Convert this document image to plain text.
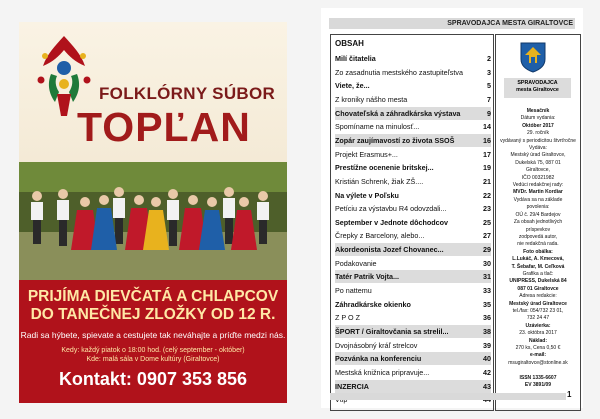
FOLKLÓRNY SÚBOR
TOPĽAN
PRIJÍMA DIEVČATÁ A CHLAPCOV
DO TANEČNEJ ZLOŽKY OD 12 R.
Radi sa hýbete, spievate a cestujete tak neváhajte a príďte medzi nás.
Kedy: každý piatok o 18:00 hod. (celý september - október)
Kde: malá sála v Dome kultúry (Giraltovce)
Kontakt: 0907 353 856
SPRAVODAJCA MESTA GIRALTOVCE
OBSAH
Milí čitatelia	2
Zo zasadnutia mestského zastupiteľstva	3
Viete, že...	5
Z kroniky nášho mesta	7
Chovateľská a záhradkárska výstava	9
Spomíname na minulosť...	14
Zopár zaujímavostí zo života SSOŠ	16
Projekt Erasmus+...	17
Prestížne ocenenie britskej...	19
Kristián Schrenk, žiak ZŠ....	21
Na výlete v Poľsku	22
Petíciu za výstavbu R4 odovzdali...	23
September v Jednote dôchodcov	25
Črepky z Barcelony, alebo...	27
Akordeonista Jozef Chovanec...	29
Podakovanie	30
Tatér Patrik Vojta...	31
Po nattemu	33
Záhradkárske okienko	35
Z P O Z	36
ŠPORT / Giraltovčania sa strelil...	38
Dvojnásobný kráľ strelcov	39
Pozvánka na konferenciu	40
Mestská knižnica pripravuje...	42
INZERCIA	43
SPRAVODAJCA
mesta Giraltovce
Mesačník
Dátum vydania:
Október 2017
29. ročník
vydávaný s periodicitou štvrťročne
Vydáva:
Mestský úrad Giraltovce,
Dukelská 75, 087 01
Giraltovce,
IČO 00321982
Vedúci redakčnej rady:
MVDr. Martin Kordiar
Vydáva sa na základe
povolenia:
OÚ č. 29/4 Bardejov
Za obsah jednotlivých
príspevkov
zodpovedá autor,
nie redakčná rada.
Foto obálka:
L.Lukáč, A. Kmecová,
T. Šebafar, M. Ceľková
Grafika a tlač:
UNIPRESS, Dukelská 84
087 01 Giraltovce
Adresa redakcie:
Mestský úrad Giraltovce
tel./fax: 054/732 23 01,
732 24 47
Uzávierka:
23. októbra 2017
Náklad:
270 ks, Cena 0,50 €
e-mail:
msugiraltovce@stonline.sk

ISSN 1335-6607
EV 3891/09
1
